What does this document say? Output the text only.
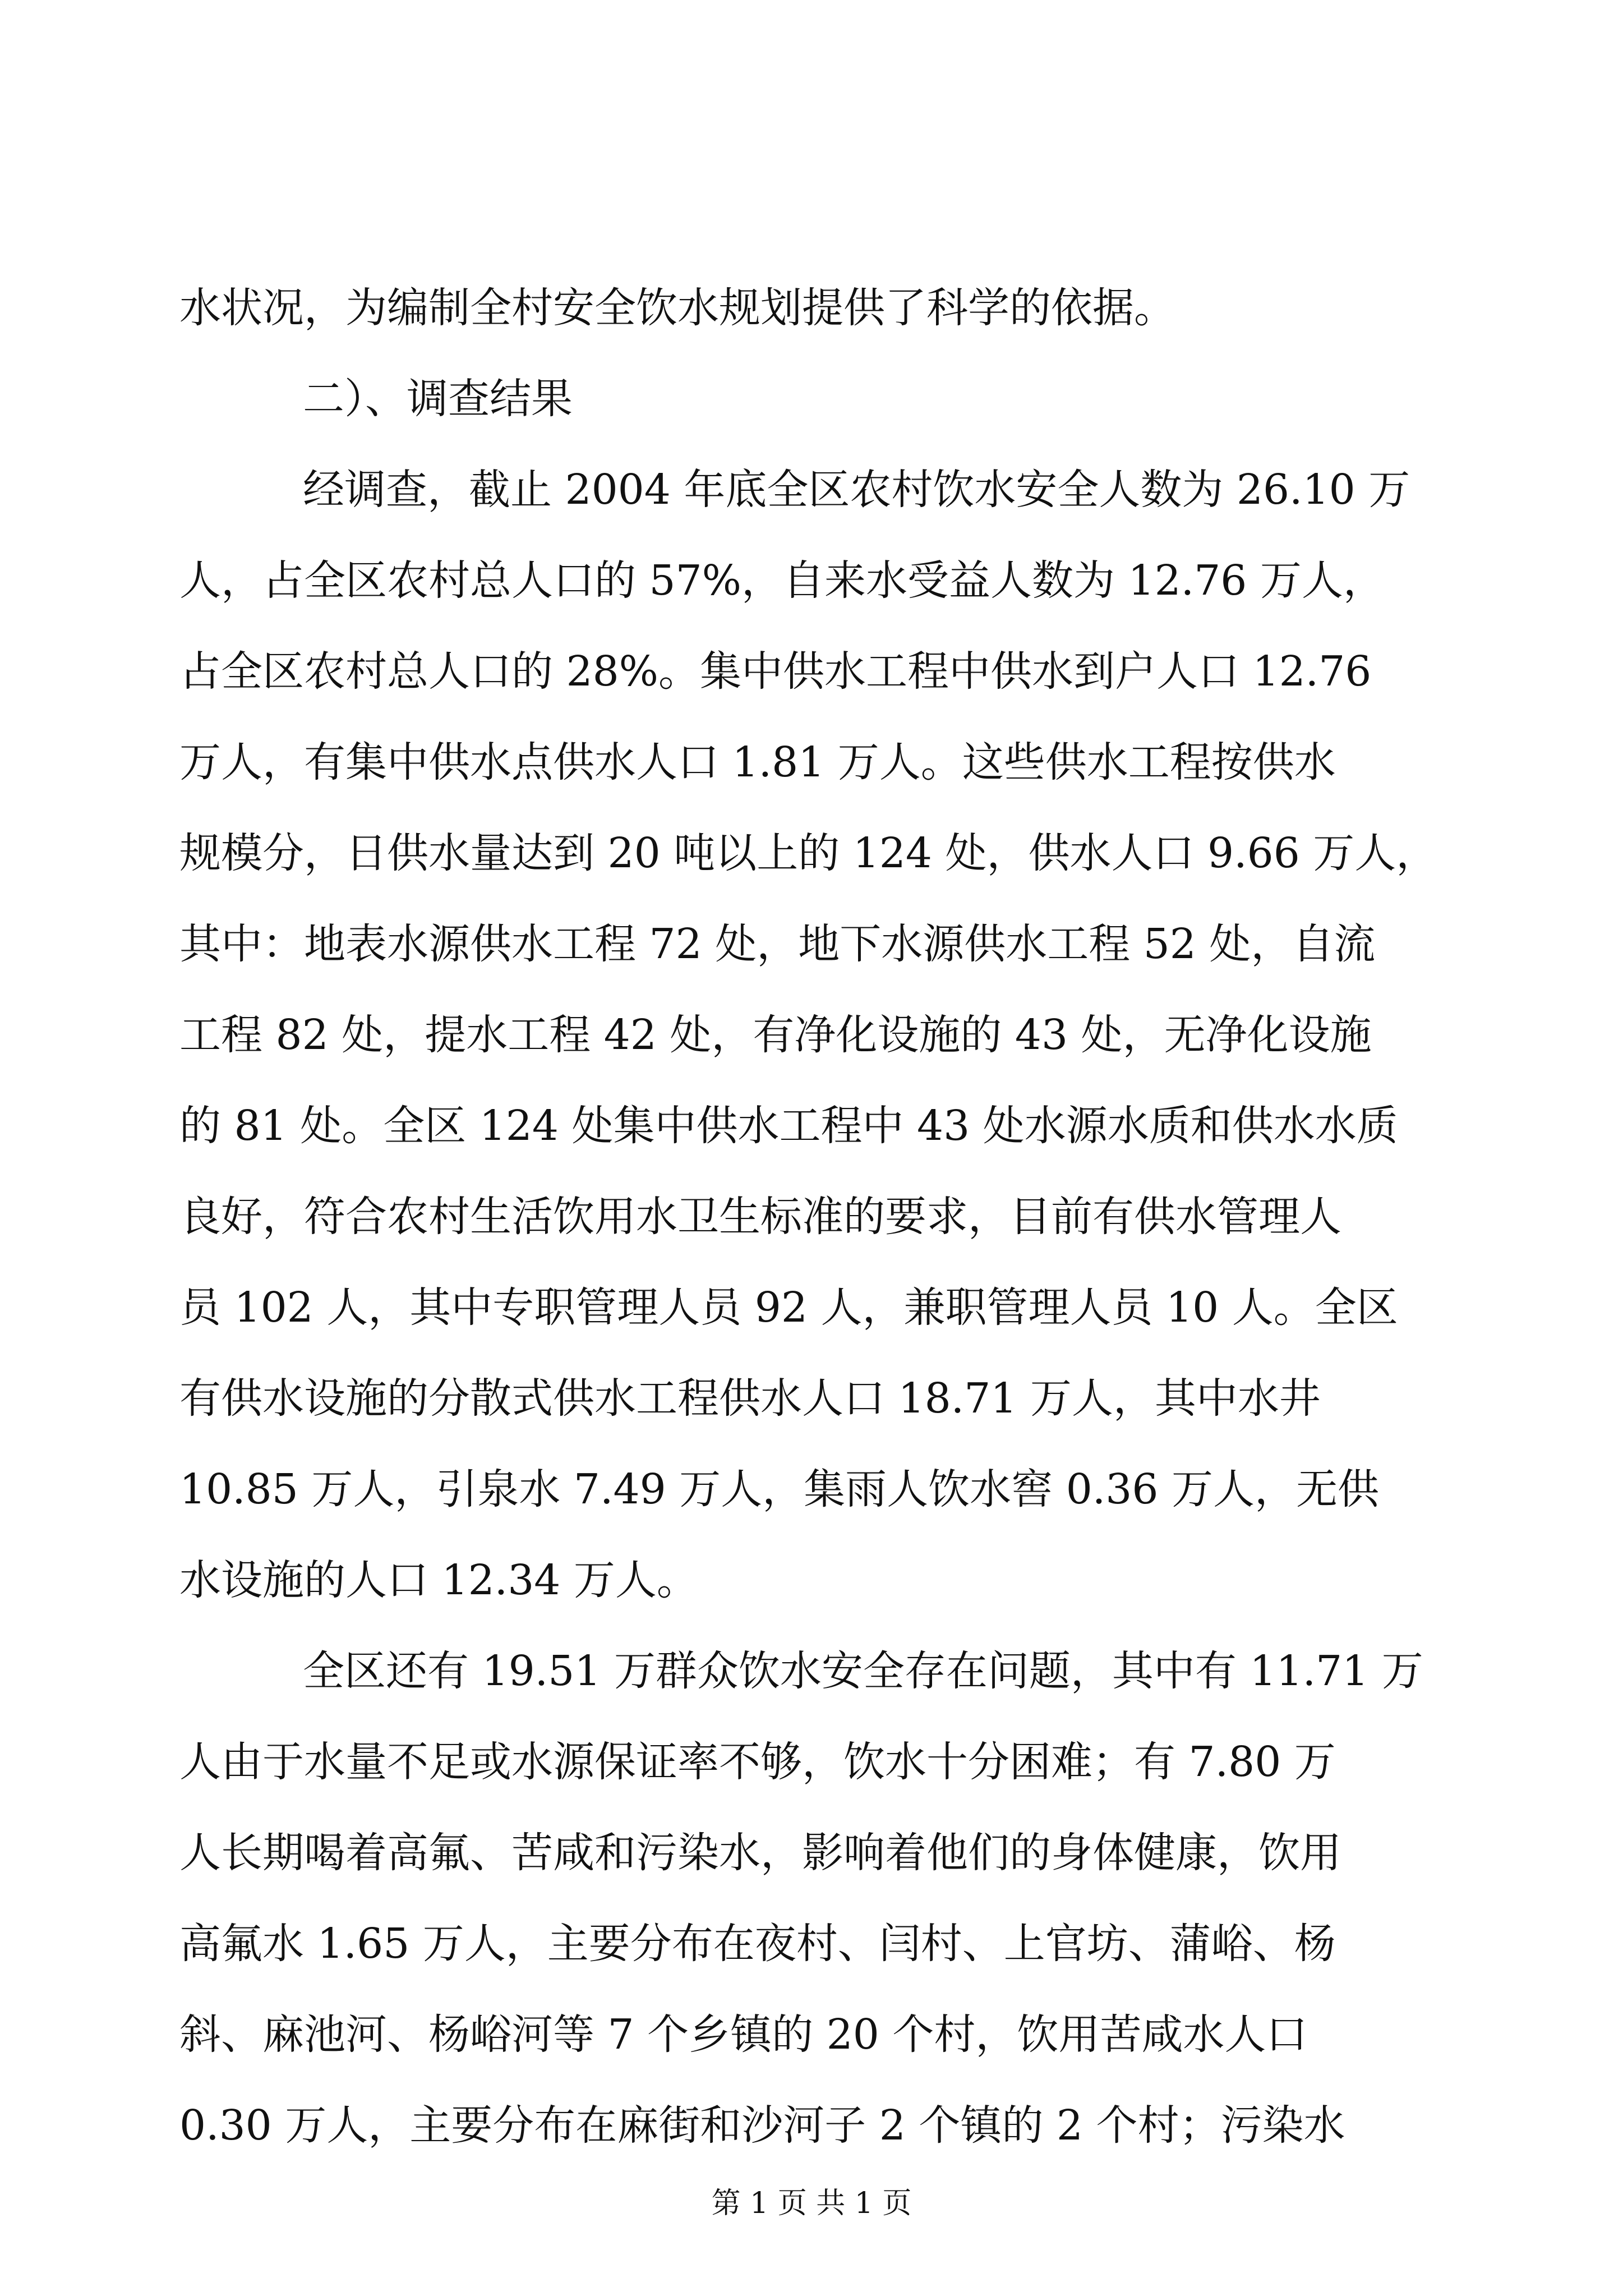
水状况，为编制全村安全饮水规划提供了科学的依据。
二）、调查结果
经调查，截止 2004 年底全区农村饮水安全人数为 26.10 万
人，占全区农村总人口的 57%，自来水受益人数为 12.76 万人，
占全区农村总人口的 28%。集中供水工程中供水到户人口 12.76
万人，有集中供水点供水人口 1.81 万人。这些供水工程按供水
规模分，日供水量达到 20 吨以上的 124 处，供水人口 9.66 万人，
其中：地表水源供水工程 72 处，地下水源供水工程 52 处，自流
工程 82 处，提水工程 42 处，有净化设施的 43 处，无净化设施
的 81 处。全区 124 处集中供水工程中 43 处水源水质和供水水质
良好，符合农村生活饮用水卫生标准的要求，目前有供水管理人
员 102 人，其中专职管理人员 92 人，兼职管理人员 10 人。全区
有供水设施的分散式供水工程供水人口 18.71 万人，其中水井
10.85 万人，引泉水 7.49 万人，集雨人饮水窖 0.36 万人，无供
水设施的人口 12.34 万人。
全区还有 19.51 万群众饮水安全存在问题，其中有 11.71 万
人由于水量不足或水源保证率不够，饮水十分困难；有 7.80 万
人长期喝着高氟、苦咸和污染水，影响着他们的身体健康，饮用
高氟水 1.65 万人，主要分布在夜村、闫村、上官坊、蒲峪、杨
斜、麻池河、杨峪河等 7 个乡镇的 20 个村，饮用苦咸水人口
0.30 万人，主要分布在麻街和沙河子 2 个镇的 2 个村；污染水
第 1 页 共 1 页
